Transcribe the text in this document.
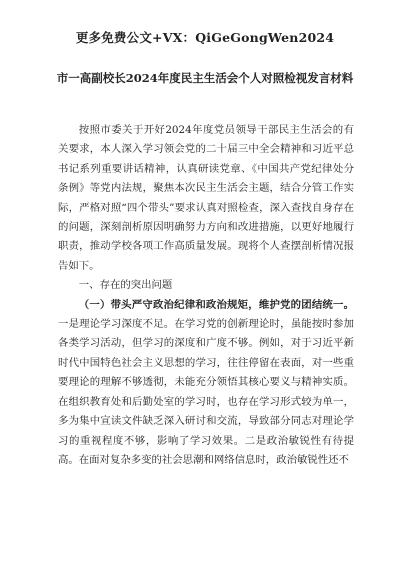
更多免费公文+VX：QiGeGongWen2024
市一高副校长2024年度民主生活会个人对照检视发言材料

按照市委关于开好2024年度党员领导干部民主生活会的有关要求，本人深入学习领会党的二十届三中全会精神和习近平总书记系列重要讲话精神，认真研读党章、《中国共产党纪律处分条例》等党内法规，聚焦本次民主生活会主题，结合分管工作实际，严格对照“四个带头”要求认真对照检查，深入查找自身存在的问题，深刻剖析原因明确努力方向和改进措施，以更好地履行职责，推动学校各项工作高质量发展。现将个人查摆剖析情况报告如下。

一、存在的突出问题

（一）带头严守政治纪律和政治规矩，维护党的团结统一。一是理论学习深度不足。在学习党的创新理论时，虽能按时参加各类学习活动，但学习的深度和广度不够。例如，对于习近平新时代中国特色社会主义思想的学习，往往停留在表面，对一些重要理论的理解不够透彻，未能充分领悟其核心要义与精神实质。在组织教育处和后勤处室的学习时，也存在学习形式较为单一，多为集中宣读文件缺乏深入研讨和交流，导致部分同志对理论学习的重视程度不够，影响了学习效果。二是政治敏锐性有待提高。在面对复杂多变的社会思潮和网络信息时，政治敏锐性还不
